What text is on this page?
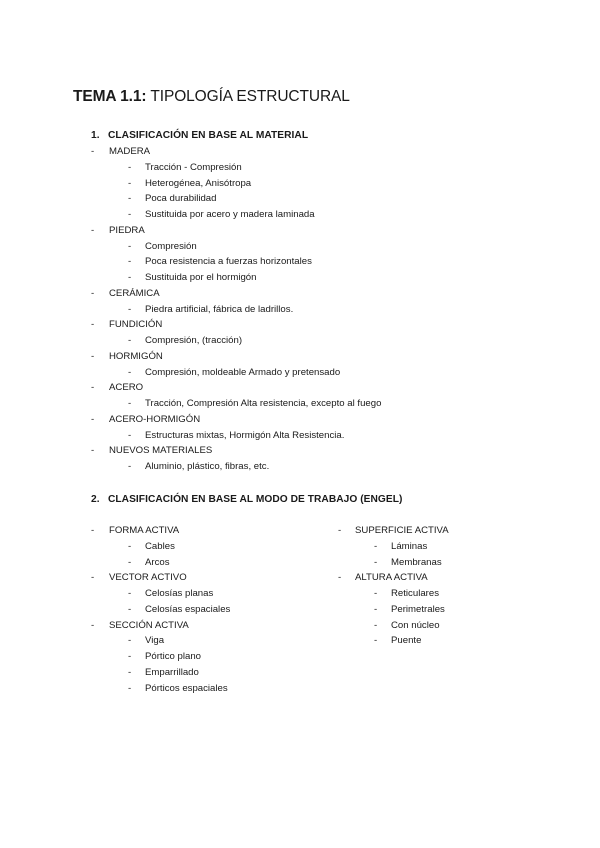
TEMA 1.1: TIPOLOGÍA ESTRUCTURAL
1. CLASIFICACIÓN EN BASE AL MATERIAL
2. CLASIFICACIÓN EN BASE AL MODO DE TRABAJO (ENGEL)
- MADERA
- Tracción - Compresión
- Heterogénea, Anisótropa
- Poca durabilidad
- Sustituida por acero y madera laminada
- PIEDRA
- Compresión
- Poca resistencia a fuerzas horizontales
- Sustituida por el hormigón
- CERÁMICA
- Piedra artificial, fábrica de ladrillos.
- FUNDICIÓN
- Compresión, (tracción)
- HORMIGÓN
- Compresión, moldeable Armado y pretensado
- ACERO
- Tracción, Compresión Alta resistencia, excepto al fuego
- ACERO-HORMIGÓN
- Estructuras mixtas, Hormigón Alta Resistencia.
- NUEVOS MATERIALES
- Aluminio, plástico, fibras, etc.
- FORMA ACTIVA
- Cables
- Arcos
- VECTOR ACTIVO
- Celosías planas
- Celosías espaciales
- SECCIÓN ACTIVA
- Viga
- Pórtico plano
- Emparrillado
- Pórticos espaciales
- SUPERFICIE ACTIVA
- Láminas
- Membranas
- ALTURA ACTIVA
- Reticulares
- Perimetrales
- Con núcleo
- Puente
